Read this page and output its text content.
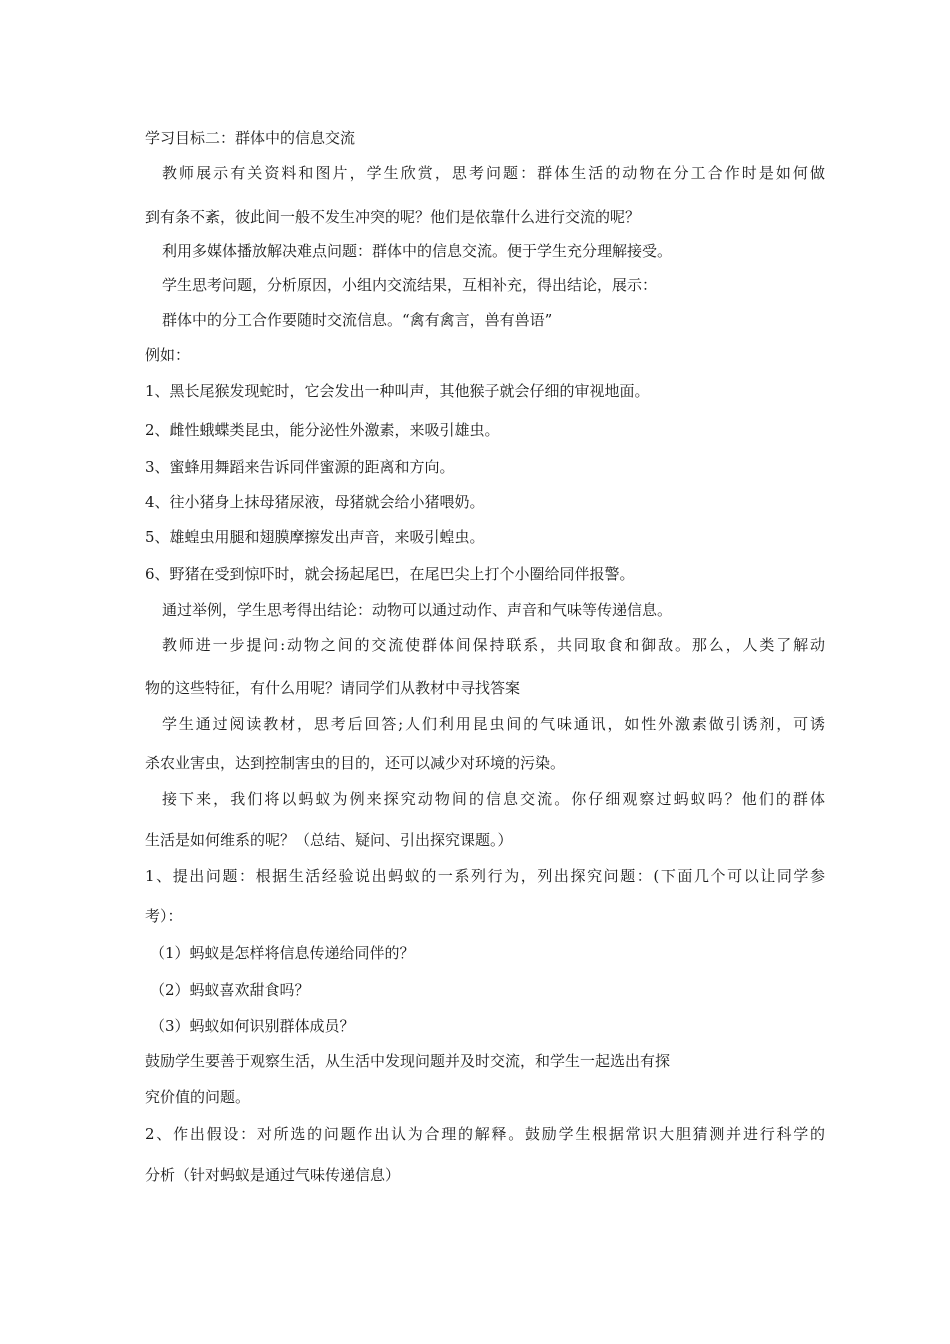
学习目标二：群体中的信息交流
教师展示有关资料和图片，学生欣赏，思考问题：群体生活的动物在分工合作时是如何做
到有条不紊，彼此间一般不发生冲突的呢？他们是依靠什么进行交流的呢？
利用多媒体播放解决难点问题：群体中的信息交流。便于学生充分理解接受。
学生思考问题，分析原因，小组内交流结果，互相补充，得出结论，展示：
群体中的分工合作要随时交流信息。“禽有禽言，兽有兽语”
例如：
1、黑长尾猴发现蛇时，它会发出一种叫声，其他猴子就会仔细的审视地面。
2、雌性蛾蝶类昆虫，能分泌性外激素，来吸引雄虫。
3、蜜蜂用舞蹈来告诉同伴蜜源的距离和方向。
4、往小猪身上抹母猪尿液，母猪就会给小猪喂奶。
5、雄蝗虫用腿和翅膜摩擦发出声音，来吸引蝗虫。
6、野猪在受到惊吓时，就会扬起尾巴，在尾巴尖上打个小圈给同伴报警。
通过举例，学生思考得出结论：动物可以通过动作、声音和气味等传递信息。
教师进一步提问:动物之间的交流使群体间保持联系，共同取食和御敌。那么，人类了解动
物的这些特征，有什么用呢？请同学们从教材中寻找答案
学生通过阅读教材，思考后回答;人们利用昆虫间的气味通讯，如性外激素做引诱剂，可诱
杀农业害虫，达到控制害虫的目的，还可以减少对环境的污染。
接下来，我们将以蚂蚁为例来探究动物间的信息交流。你仔细观察过蚂蚁吗？他们的群体
生活是如何维系的呢？（总结、疑问、引出探究课题。）
1、提出问题：根据生活经验说出蚂蚁的一系列行为，列出探究问题：(下面几个可以让同学参
考）：
（1）蚂蚁是怎样将信息传递给同伴的？
（2）蚂蚁喜欢甜食吗？
（3）蚂蚁如何识别群体成员？
鼓励学生要善于观察生活，从生活中发现问题并及时交流，和学生一起选出有探
究价值的问题。
2、作出假设：对所选的问题作出认为合理的解释。鼓励学生根据常识大胆猜测并进行科学的
分析（针对蚂蚁是通过气味传递信息）
